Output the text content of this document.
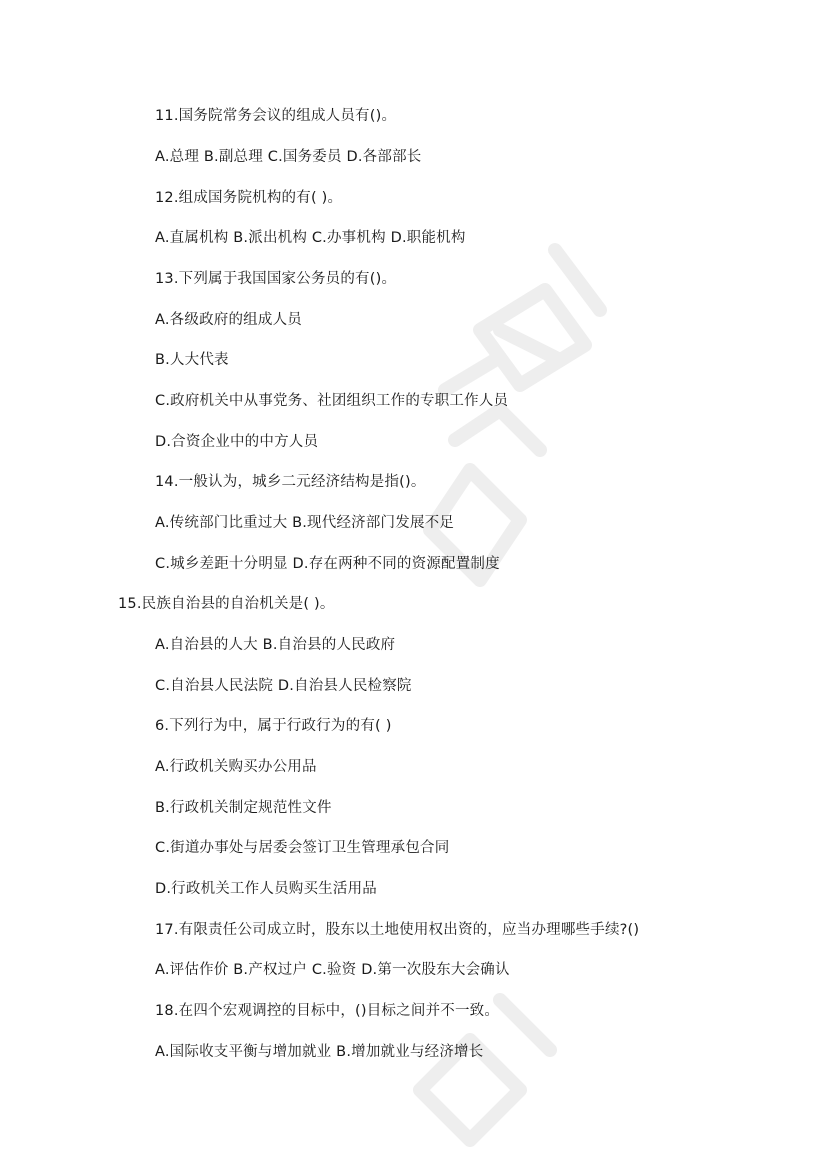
11.国务院常务会议的组成人员有()。
A.总理 B.副总理 C.国务委员 D.各部部长
12.组成国务院机构的有( )。
A.直属机构 B.派出机构 C.办事机构 D.职能机构
13.下列属于我国国家公务员的有()。
A.各级政府的组成人员
B.人大代表
C.政府机关中从事党务、社团组织工作的专职工作人员
D.合资企业中的中方人员
14.一般认为，城乡二元经济结构是指()。
A.传统部门比重过大 B.现代经济部门发展不足
C.城乡差距十分明显 D.存在两种不同的资源配置制度
15.民族自治县的自治机关是( )。
A.自治县的人大 B.自治县的人民政府
C.自治县人民法院 D.自治县人民检察院
6.下列行为中，属于行政行为的有( )
A.行政机关购买办公用品
B.行政机关制定规范性文件
C.街道办事处与居委会签订卫生管理承包合同
D.行政机关工作人员购买生活用品
17.有限责任公司成立时，股东以土地使用权出资的，应当办理哪些手续?()
A.评估作价 B.产权过户 C.验资 D.第一次股东大会确认
18.在四个宏观调控的目标中，()目标之间并不一致。
A.国际收支平衡与增加就业 B.增加就业与经济增长
